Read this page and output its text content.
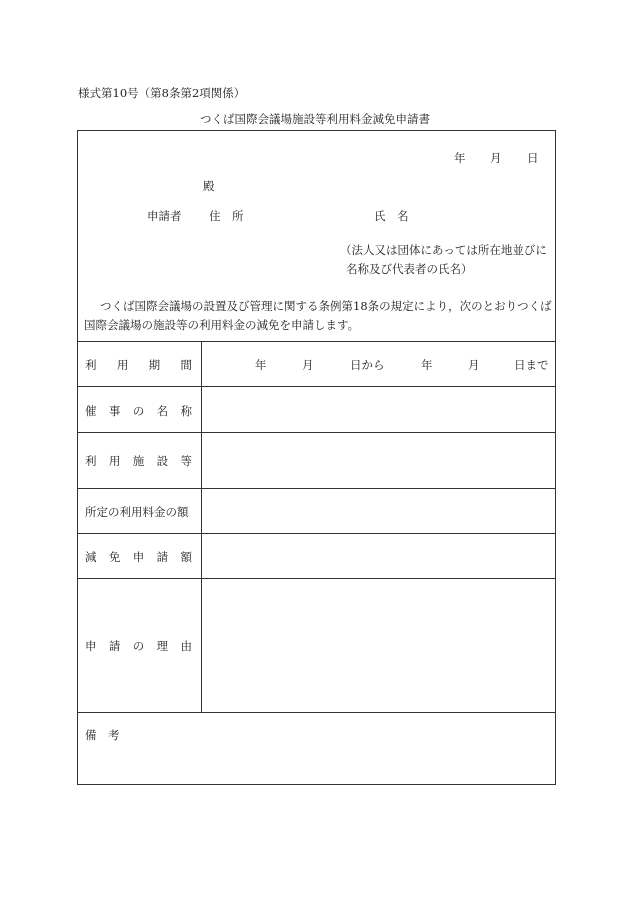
様式第10号（第8条第2項関係）
つくば国際会議場施設等利用料金減免申請書
年 月 日
殿
申請者 住　所	氏　名
（法人又は団体にあっては所在地並びに
名称及び代表者の氏名）
つくば国際会議場の設置及び管理に関する条例第18条の規定により，次のとおりつくば国際会議場の施設等の利用料金の減免を申請します。
利 用 期 間	年	月	日から	年	月	日まで
催 事 の 名 称
利 用 施 設 等
所定の利用料金の額
減 免 申 請 額
申 請 の 理 由
備　考
